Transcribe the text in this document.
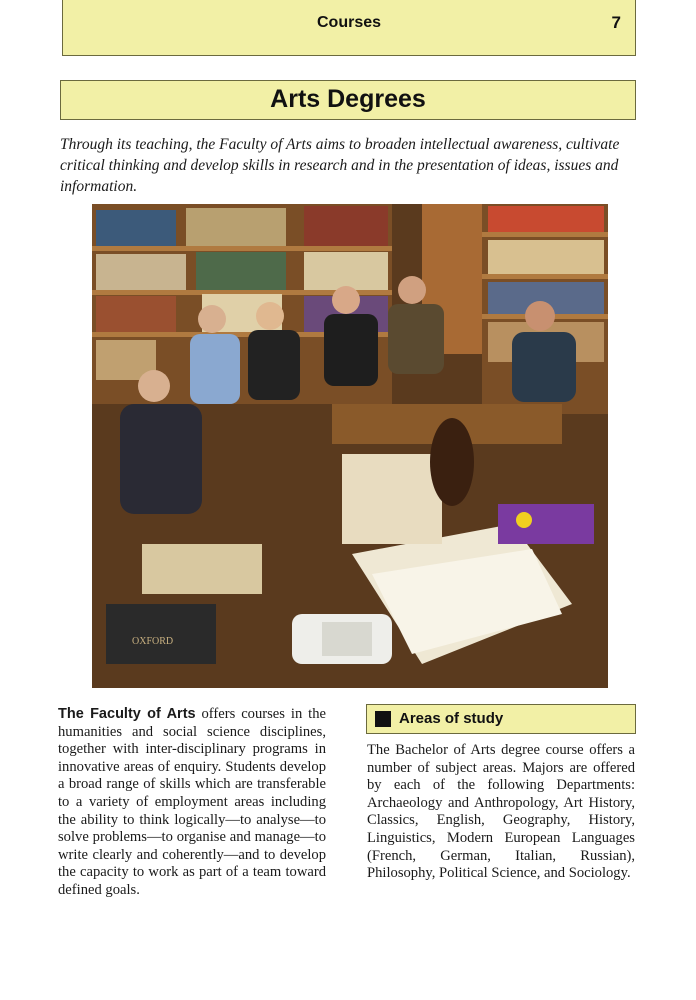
Courses	7
Arts Degrees
Through its teaching, the Faculty of Arts aims to broaden intellectual awareness, cultivate critical thinking and develop skills in research and in the presentation of ideas, issues and information.
OXFORD
The Faculty of Arts offers courses in the humanities and social science disciplines, together with inter-disciplinary programs in innovative areas of enquiry. Students develop a broad range of skills which are transferable to a variety of employment areas including the ability to think logically—to analyse—to solve problems—to organise and manage—to write clearly and coherently—and to develop the capacity to work as part of a team toward defined goals.
Areas of study
The Bachelor of Arts degree course offers a number of subject areas. Majors are offered by each of the following Departments: Archaeology and Anthropology, Art History, Classics, English, Geography, History, Linguistics, Modern European Languages (French, German, Italian, Russian), Philosophy, Political Science, and Sociology.
